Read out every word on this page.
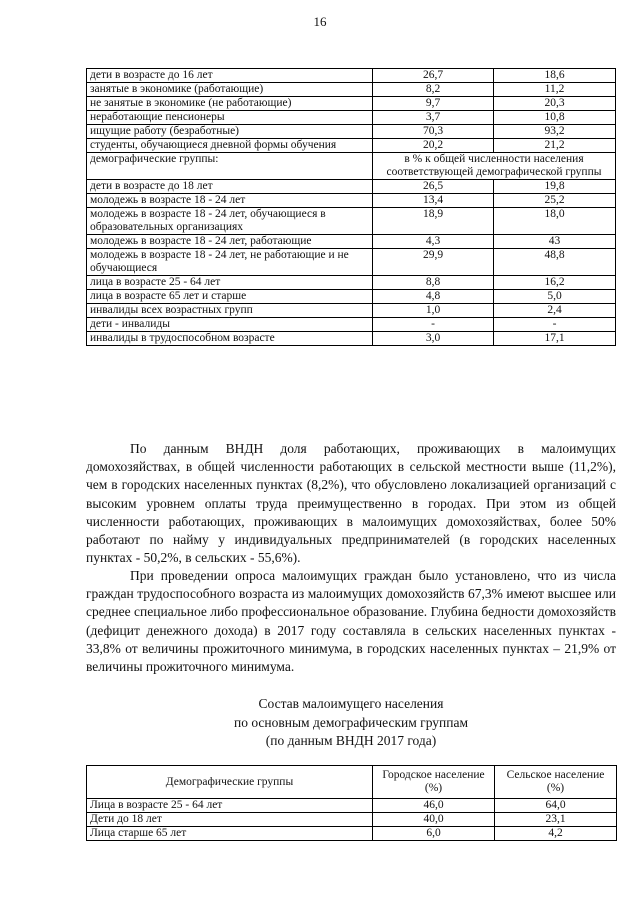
16
дети в возрасте до 16 лет	26,7	18,6
занятые в экономике (работающие)	8,2	11,2
не занятые в экономике (не работающие)	9,7	20,3
неработающие пенсионеры	3,7	10,8
ищущие работу (безработные)	70,3	93,2
студенты, обучающиеся дневной формы обучения	20,2	21,2
демографические группы:	в % к общей численности населения соответствующей демографической группы	
дети в возрасте до 18 лет	26,5	19,8
молодежь в возрасте 18 - 24 лет	13,4	25,2
молодежь в возрасте 18 - 24 лет, обучающиеся в образовательных организациях	18,9	18,0
молодежь в возрасте 18 - 24 лет, работающие	4,3	43
молодежь в возрасте 18 - 24 лет, не работающие и не обучающиеся	29,9	48,8
лица в возрасте 25 - 64 лет	8,8	16,2
лица в возрасте 65 лет и старше	4,8	5,0
инвалиды всех возрастных групп	1,0	2,4
дети - инвалиды	-	-
инвалиды в трудоспособном возрасте	3,0	17,1

По данным ВНДН доля работающих, проживающих в малоимущих домохозяйствах, в общей численности работающих в сельской местности выше (11,2%), чем в городских населенных пунктах (8,2%), что обусловлено локализацией организаций с высоким уровнем оплаты труда преимущественно в городах. При этом из общей численности работающих, проживающих в малоимущих домохозяйствах, более 50% работают по найму у индивидуальных предпринимателей (в городских населенных пунктах - 50,2%, в сельских - 55,6%).

При проведении опроса малоимущих граждан было установлено, что из числа граждан трудоспособного возраста из малоимущих домохозяйств 67,3% имеют высшее или среднее специальное либо профессиональное образование. Глубина бедности домохозяйств (дефицит денежного дохода) в 2017 году составляла в сельских населенных пунктах - 33,8% от величины прожиточного минимума, в городских населенных пунктах – 21,9% от величины прожиточного минимума.

Состав малоимущего населения
по основным демографическим группам
(по данным ВНДН 2017 года)
Демографические группы	Городское население (%)	Сельское население (%)
Лица в возрасте 25 - 64 лет	46,0	64,0
Дети до 18 лет	40,0	23,1
Лица старше 65 лет	6,0	4,2
